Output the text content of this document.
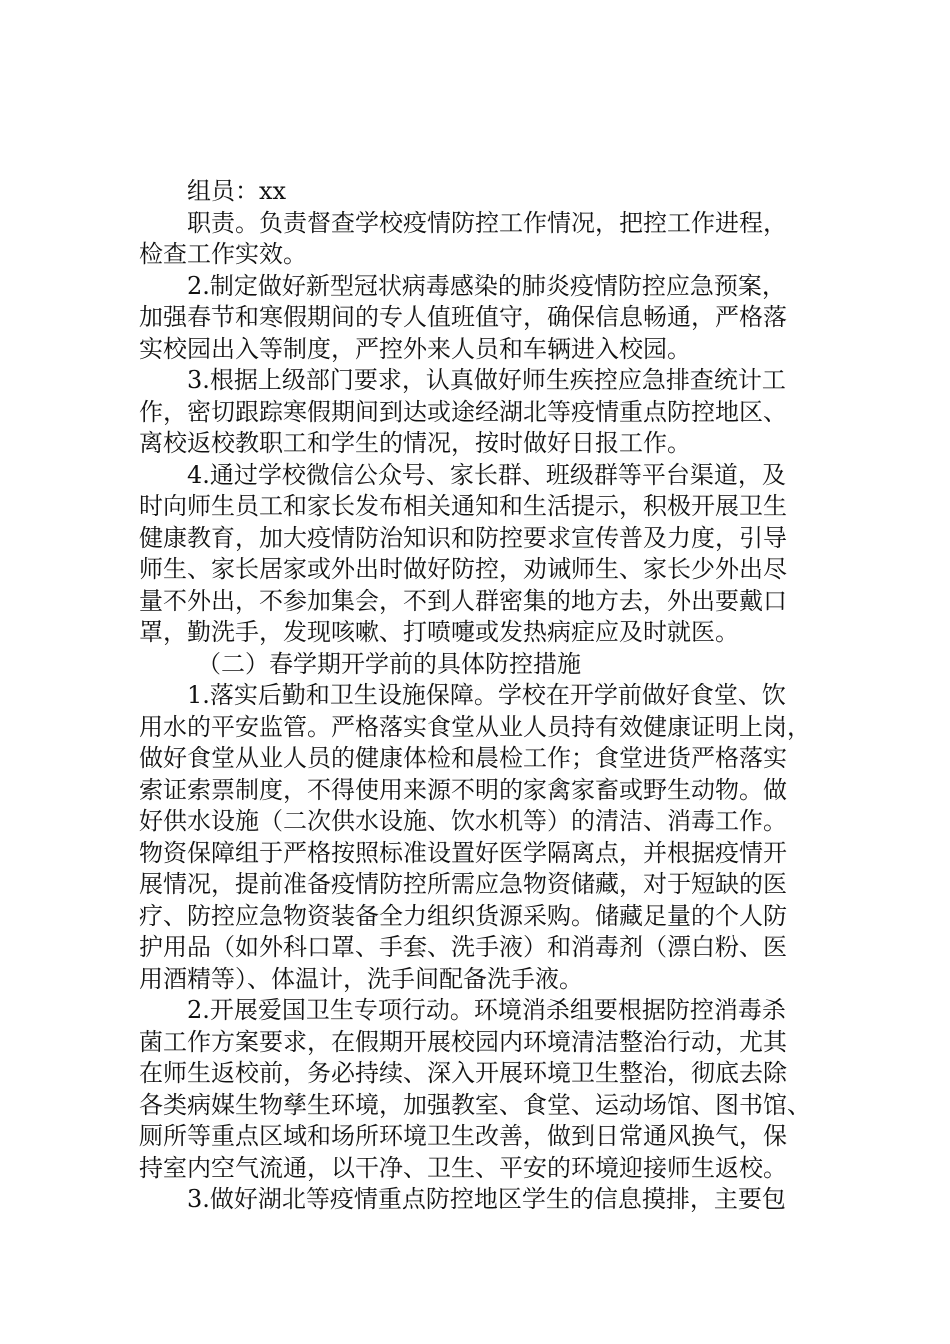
组员：xx
职责。负责督查学校疫情防控工作情况，把控工作进程，
检查工作实效。
2.制定做好新型冠状病毒感染的肺炎疫情防控应急预案，
加强春节和寒假期间的专人值班值守，确保信息畅通，严格落
实校园出入等制度，严控外来人员和车辆进入校园。
3.根据上级部门要求，认真做好师生疾控应急排查统计工
作，密切跟踪寒假期间到达或途经湖北等疫情重点防控地区、
离校返校教职工和学生的情况，按时做好日报工作。
4.通过学校微信公众号、家长群、班级群等平台渠道，及
时向师生员工和家长发布相关通知和生活提示，积极开展卫生
健康教育，加大疫情防治知识和防控要求宣传普及力度，引导
师生、家长居家或外出时做好防控，劝诫师生、家长少外出尽
量不外出，不参加集会，不到人群密集的地方去，外出要戴口
罩，勤洗手，发现咳嗽、打喷嚏或发热病症应及时就医。
（二）春学期开学前的具体防控措施
1.落实后勤和卫生设施保障。学校在开学前做好食堂、饮
用水的平安监管。严格落实食堂从业人员持有效健康证明上岗，
做好食堂从业人员的健康体检和晨检工作；食堂进货严格落实
索证索票制度，不得使用来源不明的家禽家畜或野生动物。做
好供水设施（二次供水设施、饮水机等）的清洁、消毒工作。
物资保障组于严格按照标准设置好医学隔离点，并根据疫情开
展情况，提前准备疫情防控所需应急物资储藏，对于短缺的医
疗、防控应急物资装备全力组织货源采购。储藏足量的个人防
护用品（如外科口罩、手套、洗手液）和消毒剂（漂白粉、医
用酒精等）、体温计，洗手间配备洗手液。
2.开展爱国卫生专项行动。环境消杀组要根据防控消毒杀
菌工作方案要求，在假期开展校园内环境清洁整治行动，尤其
在师生返校前，务必持续、深入开展环境卫生整治，彻底去除
各类病媒生物孳生环境，加强教室、食堂、运动场馆、图书馆、
厕所等重点区域和场所环境卫生改善，做到日常通风换气，保
持室内空气流通，以干净、卫生、平安的环境迎接师生返校。
3.做好湖北等疫情重点防控地区学生的信息摸排，主要包
